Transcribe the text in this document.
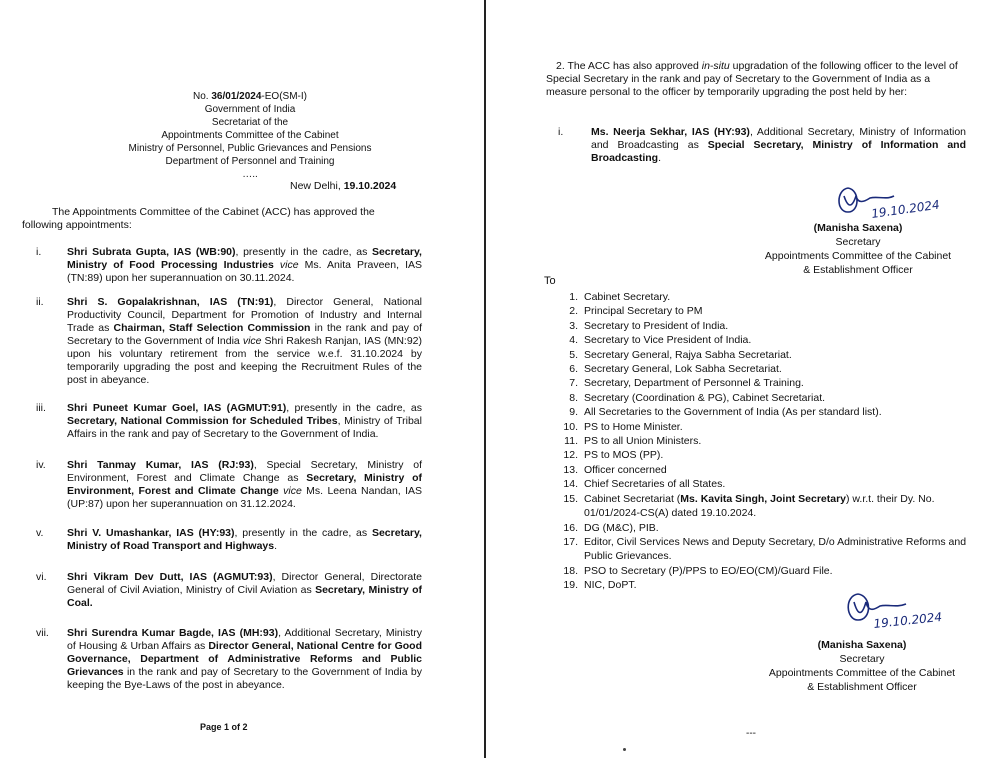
No. 36/01/2024-EO(SM-I)
Government of India
Secretariat of the
Appointments Committee of the Cabinet
Ministry of Personnel, Public Grievances and Pensions
Department of Personnel and Training
…..
New Delhi, 19.10.2024
The Appointments Committee of the Cabinet (ACC) has approved the following appointments:
i. Shri Subrata Gupta, IAS (WB:90), presently in the cadre, as Secretary, Ministry of Food Processing Industries vice Ms. Anita Praveen, IAS (TN:89) upon her superannuation on 30.11.2024.
ii. Shri S. Gopalakrishnan, IAS (TN:91), Director General, National Productivity Council, Department for Promotion of Industry and Internal Trade as Chairman, Staff Selection Commission in the rank and pay of Secretary to the Government of India vice Shri Rakesh Ranjan, IAS (MN:92) upon his voluntary retirement from the service w.e.f. 31.10.2024 by temporarily upgrading the post and keeping the Recruitment Rules of the post in abeyance.
iii. Shri Puneet Kumar Goel, IAS (AGMUT:91), presently in the cadre, as Secretary, National Commission for Scheduled Tribes, Ministry of Tribal Affairs in the rank and pay of Secretary to the Government of India.
iv. Shri Tanmay Kumar, IAS (RJ:93), Special Secretary, Ministry of Environment, Forest and Climate Change as Secretary, Ministry of Environment, Forest and Climate Change vice Ms. Leena Nandan, IAS (UP:87) upon her superannuation on 31.12.2024.
v. Shri V. Umashankar, IAS (HY:93), presently in the cadre, as Secretary, Ministry of Road Transport and Highways.
vi. Shri Vikram Dev Dutt, IAS (AGMUT:93), Director General, Directorate General of Civil Aviation, Ministry of Civil Aviation as Secretary, Ministry of Coal.
vii. Shri Surendra Kumar Bagde, IAS (MH:93), Additional Secretary, Ministry of Housing & Urban Affairs as Director General, National Centre for Good Governance, Department of Administrative Reforms and Public Grievances in the rank and pay of Secretary to the Government of India by keeping the Bye-Laws of the post in abeyance.
Page 1 of 2
2. The ACC has also approved in-situ upgradation of the following officer to the level of Special Secretary in the rank and pay of Secretary to the Government of India as a measure personal to the officer by temporarily upgrading the post held by her:
i.	Ms. Neerja Sekhar, IAS (HY:93), Additional Secretary, Ministry of Information and Broadcasting as Special Secretary, Ministry of Information and Broadcasting.
19.10.2024
(Manisha Saxena)
Secretary
Appointments Committee of the Cabinet
& Establishment Officer
To
1. Cabinet Secretary.
2. Principal Secretary to PM
3. Secretary to President of India.
4. Secretary to Vice President of India.
5. Secretary General, Rajya Sabha Secretariat.
6. Secretary General, Lok Sabha Secretariat.
7. Secretary, Department of Personnel & Training.
8. Secretary (Coordination & PG), Cabinet Secretariat.
9. All Secretaries to the Government of India (As per standard list).
10. PS to Home Minister.
11. PS to all Union Ministers.
12. PS to MOS (PP).
13. Officer concerned
14. Chief Secretaries of all States.
15. Cabinet Secretariat (Ms. Kavita Singh, Joint Secretary) w.r.t. their Dy. No. 01/01/2024-CS(A) dated 19.10.2024.
16. DG (M&C), PIB.
17. Editor, Civil Services News and Deputy Secretary, D/o Administrative Reforms and Public Grievances.
18. PSO to Secretary (P)/PPS to EO/EO(CM)/Guard File.
19. NIC, DoPT.
19.10.2024
(Manisha Saxena)
Secretary
Appointments Committee of the Cabinet
& Establishment Officer
---
